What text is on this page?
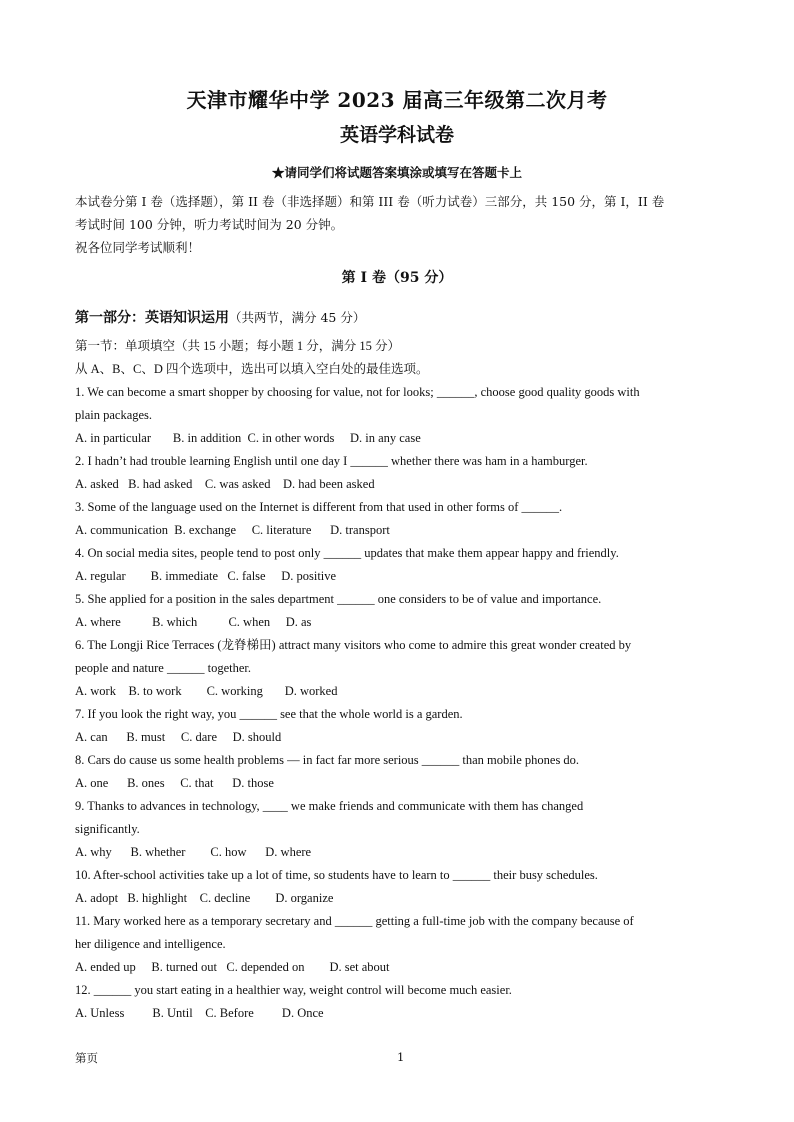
天津市耀华中学 2023 届高三年级第二次月考
英语学科试卷
★请同学们将试题答案填涂或填写在答题卡上
本试卷分第 I 卷（选择题），第 II 卷（非选择题）和第 III 卷（听力试卷）三部分，共 150 分，第 I，II 卷
考试时间 100 分钟，听力考试时间为 20 分钟。
祝各位同学考试顺利！
第 I 卷（95 分）
第一部分：英语知识运用（共两节，满分 45 分）
第一节：单项填空（共 15 小题；每小题 1 分，满分 15 分）
从 A、B、C、D 四个选项中，选出可以填入空白处的最佳选项。
1. We can become a smart shopper by choosing for value, not for looks; ______, choose good quality goods with
plain packages.
A. in particular       B. in addition  C. in other words     D. in any case
2. I hadn’t had trouble learning English until one day I ______ whether there was ham in a hamburger.
A. asked   B. had asked    C. was asked    D. had been asked
3. Some of the language used on the Internet is different from that used in other forms of ______.
A. communication  B. exchange     C. literature      D. transport
4. On social media sites, people tend to post only ______ updates that make them appear happy and friendly.
A. regular        B. immediate   C. false     D. positive
5. She applied for a position in the sales department ______ one considers to be of value and importance.
A. where          B. which          C. when     D. as
6. The Longji Rice Terraces (龙脊梯田) attract many visitors who come to admire this great wonder created by
people and nature ______ together.
A. work    B. to work        C. working       D. worked
7. If you look the right way, you ______ see that the whole world is a garden.
A. can      B. must     C. dare     D. should
8. Cars do cause us some health problems — in fact far more serious ______ than mobile phones do.
A. one      B. ones     C. that      D. those
9. Thanks to advances in technology, ____ we make friends and communicate with them has changed
significantly.
A. why      B. whether        C. how      D. where
10. After-school activities take up a lot of time, so students have to learn to ______ their busy schedules.
A. adopt   B. highlight    C. decline        D. organize
11. Mary worked here as a temporary secretary and ______ getting a full-time job with the company because of
her diligence and intelligence.
A. ended up     B. turned out   C. depended on        D. set about
12. ______ you start eating in a healthier way, weight control will become much easier.
A. Unless         B. Until    C. Before         D. Once
第页	1
